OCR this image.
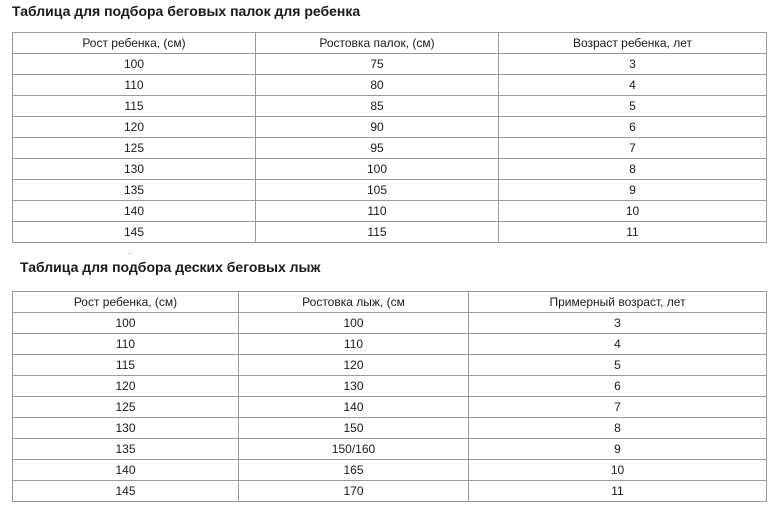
Таблица для подбора беговых палок для ребенка
Рост ребенка, (см)	Ростовка палок, (см)	Возраст ребенка, лет
100	75	3
110	80	4
115	85	5
120	90	6
125	95	7
130	100	8
135	105	9
140	110	10
145	115	11
..
Таблица для подбора деских беговых лыж
Рост ребенка, (см)	Ростовка лыж, (см	Примерный возраст, лет
100	100	3
110	110	4
115	120	5
120	130	6
125	140	7
130	150	8
135	150/160	9
140	165	10
145	170	11
